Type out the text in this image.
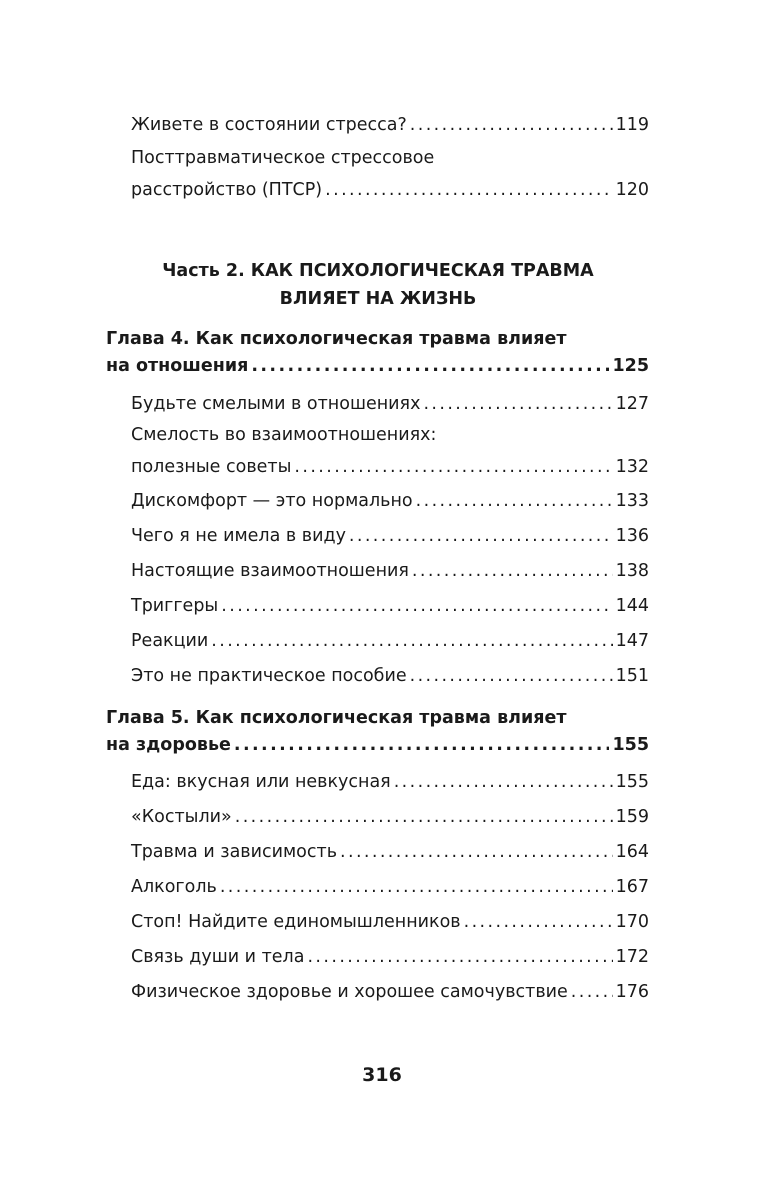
Живете в состоянии стресса? .....	119
Посттравматическое стрессовое
расстройство (ПТСР) .....	120
Часть 2. КАК ПСИХОЛОГИЧЕСКАЯ ТРАВМА
ВЛИЯЕТ НА ЖИЗНЬ
Глава 4. Как психологическая травма влияет
на отношения .....	125
Будьте смелыми в отношениях .....	127
Смелость во взаимоотношениях:
полезные советы .....	132
Дискомфорт — это нормально .....	133
Чего я не имела в виду .....	136
Настоящие взаимоотношения .....	138
Триггеры .....	144
Реакции .....	147
Это не практическое пособие .....	151
Глава 5. Как психологическая травма влияет
на здоровье .....	155
Еда: вкусная или невкусная .....	155
«Костыли» .....	159
Травма и зависимость .....	164
Алкоголь .....	167
Стоп! Найдите единомышленников .....	170
Связь души и тела .....	172
Физическое здоровье и хорошее самочувствие .....	176
316
